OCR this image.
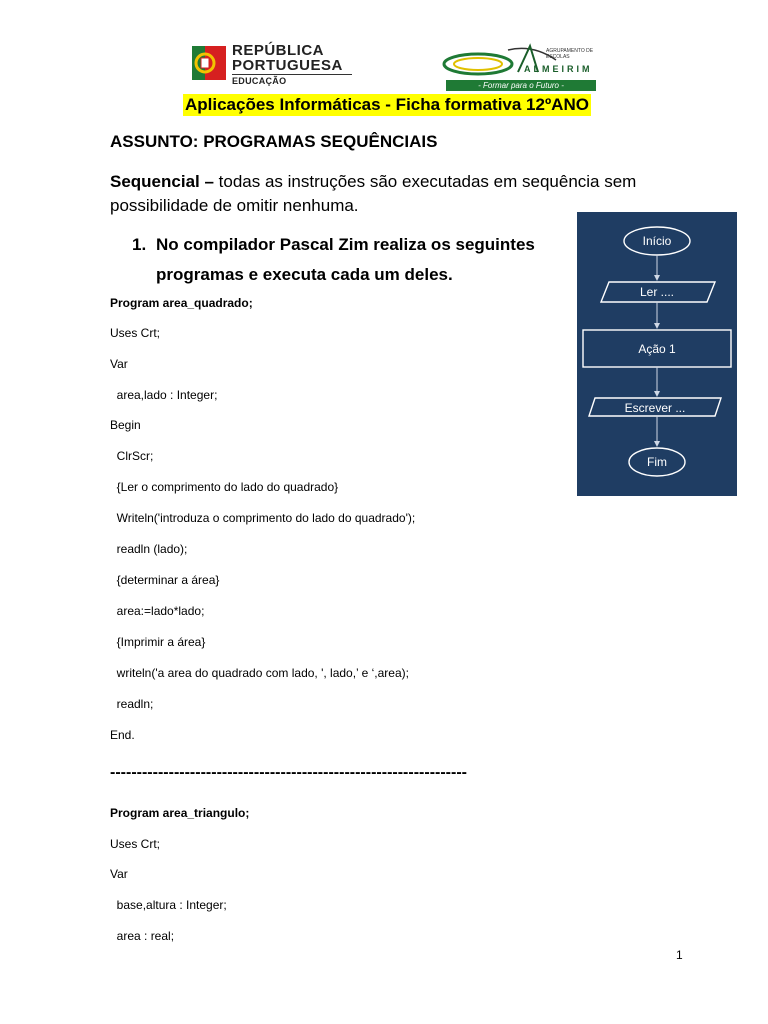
REPÚBLICA
PORTUGUESA
EDUCAÇÃO
AGRUPAMENTO DE ESCOLAS
ALMEIRIM
- Formar para o Futuro -
Aplicações Informáticas - Ficha formativa 12ºANO
ASSUNTO: PROGRAMAS SEQUÊNCIAIS
Sequencial – todas as instruções são executadas em sequência sem possibilidade de omitir nenhuma.
1. No compilador Pascal Zim realiza os seguintes programas e executa cada um deles.
Início
Ler ....
Ação 1
Escrever ...
Fim
Program area_quadrado;
Uses Crt;
Var
area,lado : Integer;
Begin
ClrScr;
{Ler o comprimento do lado do quadrado}
Writeln('introduza o comprimento do lado do quadrado');
readln (lado);
{determinar a área}
area:=lado*lado;
{Imprimir a área}
writeln('a area do quadrado com lado, ', lado,’ e ‘,area);
readln;
End.
-------------------------------------------------------------------
Program area_triangulo;
Uses Crt;
Var
base,altura : Integer;
area : real;
1
